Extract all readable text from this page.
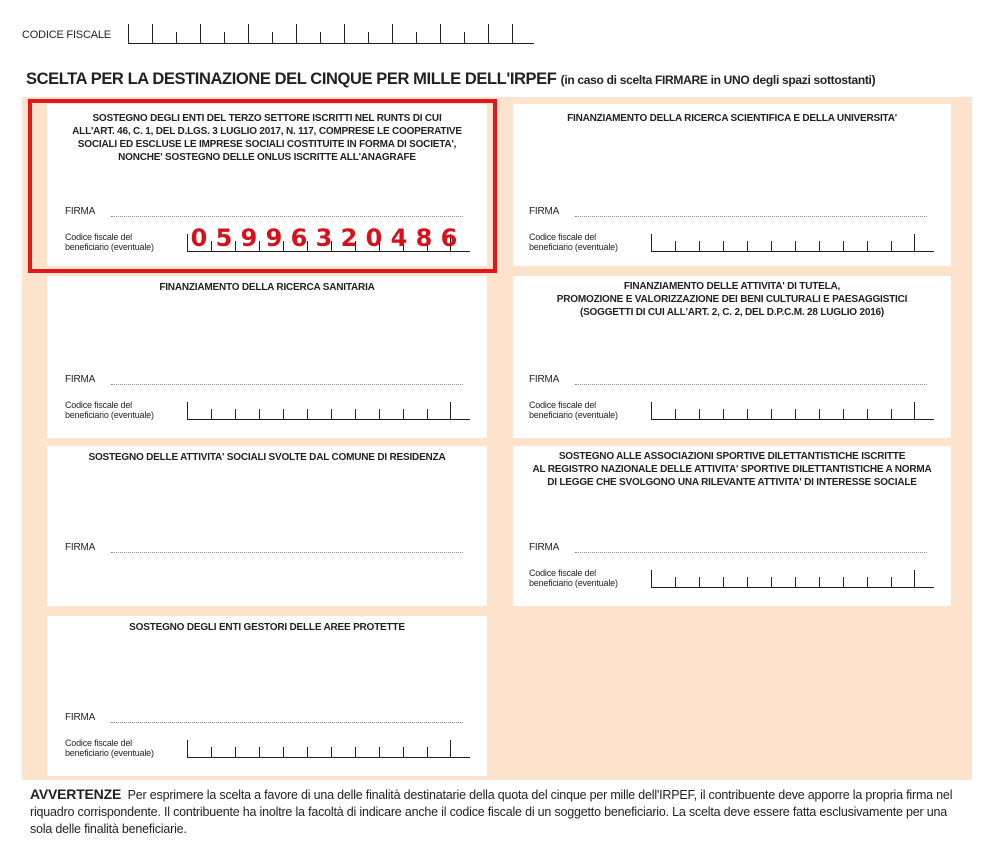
CODICE FISCALE
SCELTA PER LA DESTINAZIONE DEL CINQUE PER MILLE DELL'IRPEF (in caso di scelta FIRMARE in UNO degli spazi sottostanti)
SOSTEGNO DEGLI ENTI DEL TERZO SETTORE ISCRITTI NEL RUNTS DI CUI
ALL'ART. 46, C. 1, DEL D.LGS. 3 LUGLIO 2017, N. 117, COMPRESE LE COOPERATIVE
SOCIALI ED ESCLUSE LE IMPRESE SOCIALI COSTITUITE IN FORMA DI SOCIETA',
NONCHE' SOSTEGNO DELLE ONLUS ISCRITTE ALL'ANAGRAFE
FIRMA
Codice fiscale del
beneficiario (eventuale) 0 5 9 9 6 3 2 0 4 8 6
FINANZIAMENTO DELLA RICERCA SCIENTIFICA E DELLA UNIVERSITA'
FIRMA
Codice fiscale del
beneficiario (eventuale)
FINANZIAMENTO DELLA RICERCA SANITARIA
FIRMA
Codice fiscale del
beneficiario (eventuale)
FINANZIAMENTO DELLE ATTIVITA' DI TUTELA,
PROMOZIONE E VALORIZZAZIONE DEI BENI CULTURALI E PAESAGGISTICI
(SOGGETTI DI CUI ALL'ART. 2, C. 2, DEL D.P.C.M. 28 LUGLIO 2016)
FIRMA
Codice fiscale del
beneficiario (eventuale)
SOSTEGNO DELLE ATTIVITA' SOCIALI SVOLTE DAL COMUNE DI RESIDENZA
FIRMA
SOSTEGNO ALLE ASSOCIAZIONI SPORTIVE DILETTANTISTICHE ISCRITTE
AL REGISTRO NAZIONALE DELLE ATTIVITA' SPORTIVE DILETTANTISTICHE A NORMA
DI LEGGE CHE SVOLGONO UNA RILEVANTE ATTIVITA' DI INTERESSE SOCIALE
FIRMA
Codice fiscale del
beneficiario (eventuale)
SOSTEGNO DEGLI ENTI GESTORI DELLE AREE PROTETTE
FIRMA
Codice fiscale del
beneficiario (eventuale)
AVVERTENZE Per esprimere la scelta a favore di una delle finalità destinatarie della quota del cinque per mille dell'IRPEF, il contribuente deve apporre la propria firma nel riquadro corrispondente. Il contribuente ha inoltre la facoltà di indicare anche il codice fiscale di un soggetto beneficiario. La scelta deve essere fatta esclusivamente per una sola delle finalità beneficiarie.
